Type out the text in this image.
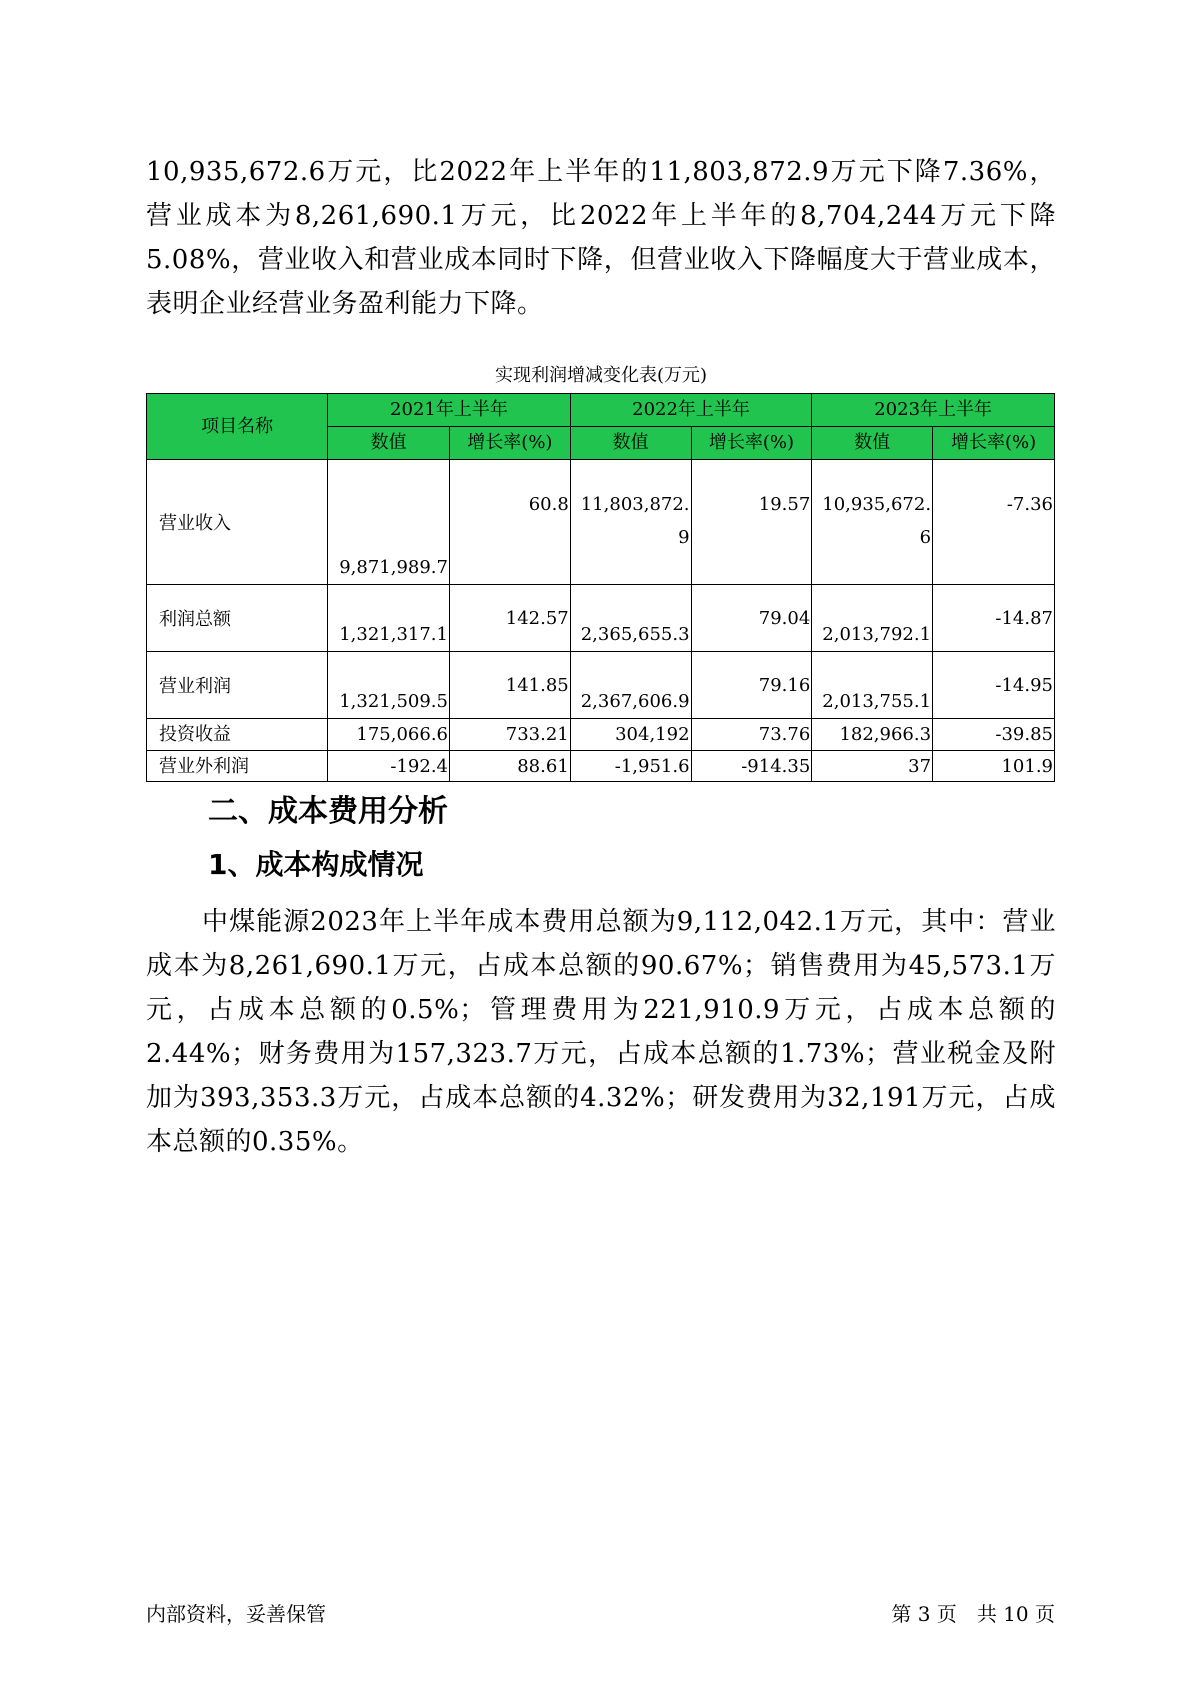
10,935,672.6万元，比2022年上半年的11,803,872.9万元下降7.36%，营业成本为8,261,690.1万元，比2022年上半年的8,704,244万元下降5.08%，营业收入和营业成本同时下降，但营业收入下降幅度大于营业成本，表明企业经营业务盈利能力下降。

实现利润增减变化表(万元)
项目名称	2021年上半年		2022年上半年		2023年上半年	
	数值	增长率(%)	数值	增长率(%)	数值	增长率(%)
营业收入	9,871,989.7	60.8	11,803,872.9	19.57	10,935,672.6	-7.36
利润总额	1,321,317.1	142.57	2,365,655.3	79.04	2,013,792.1	-14.87
营业利润	1,321,509.5	141.85	2,367,606.9	79.16	2,013,755.1	-14.95
投资收益	175,066.6	733.21	304,192	73.76	182,966.3	-39.85
营业外利润	-192.4	88.61	-1,951.6	-914.35	37	101.9
二、成本费用分析
1、成本构成情况

中煤能源2023年上半年成本费用总额为9,112,042.1万元，其中：营业成本为8,261,690.1万元，占成本总额的90.67%；销售费用为45,573.1万元，占成本总额的0.5%；管理费用为221,910.9万元，占成本总额的2.44%；财务费用为157,323.7万元，占成本总额的1.73%；营业税金及附加为393,353.3万元，占成本总额的4.32%；研发费用为32,191万元，占成本总额的0.35%。

内部资料，妥善保管	第 3 页　共 10 页
